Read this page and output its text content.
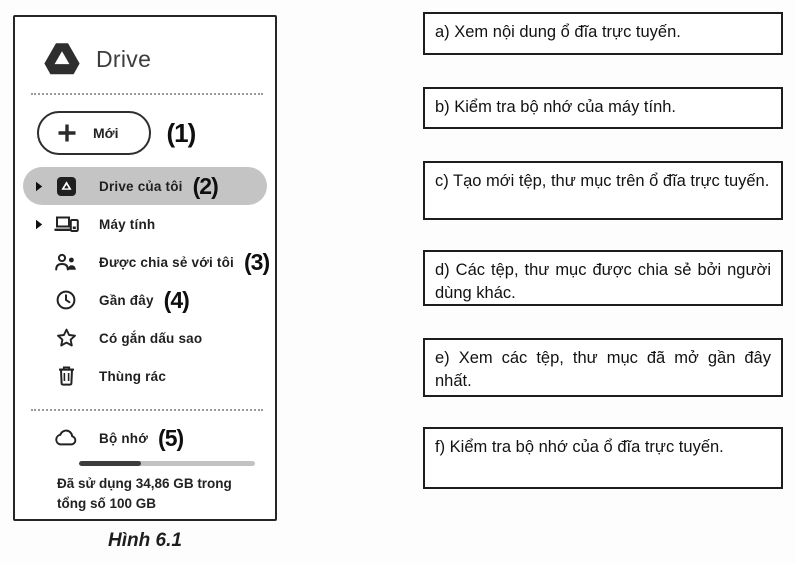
Drive
Mới (1)
Drive của tôi (2)
Máy tính
Được chia sẻ với tôi (3)
Gần đây (4)
Có gắn dấu sao
Thùng rác
Bộ nhớ (5)
Đã sử dụng 34,86 GB trong
tổng số 100 GB
Hình 6.1
a) Xem nội dung ổ đĩa trực tuyến.
b) Kiểm tra bộ nhớ của máy tính.
c) Tạo mới tệp, thư mục trên ổ đĩa trực tuyến.
d) Các tệp, thư mục được chia sẻ bởi người dùng khác.
e) Xem các tệp, thư mục đã mở gần đây nhất.
f) Kiểm tra bộ nhớ của ổ đĩa trực tuyến.
